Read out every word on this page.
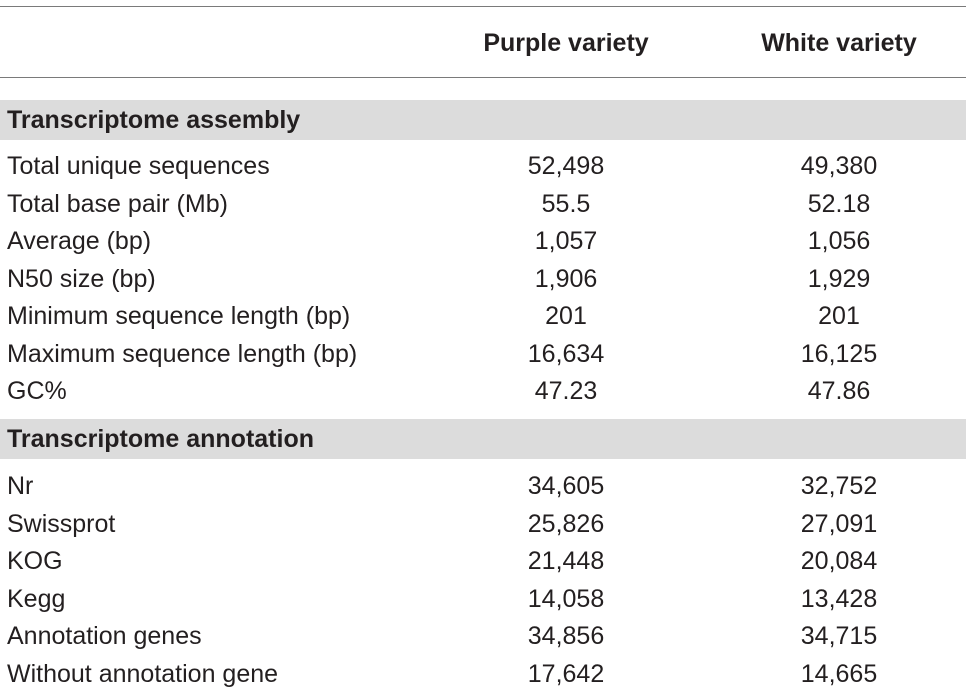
Purple variety	White variety
Transcriptome assembly
Total unique sequences	52,498	49,380
Total base pair (Mb)	55.5	52.18
Average (bp)	1,057	1,056
N50 size (bp)	1,906	1,929
Minimum sequence length (bp)	201	201
Maximum sequence length (bp)	16,634	16,125
GC%	47.23	47.86
Transcriptome annotation
Nr	34,605	32,752
Swissprot	25,826	27,091
KOG	21,448	20,084
Kegg	14,058	13,428
Annotation genes	34,856	34,715
Without annotation gene	17,642	14,665
